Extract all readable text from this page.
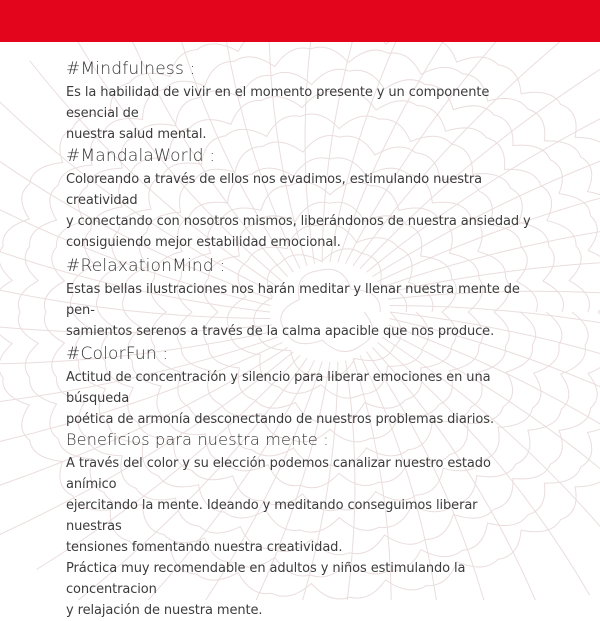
#Mindfulness :

Es la habilidad de vivir en el momento presente y un componente esencial de
nuestra salud mental.

#MandalaWorld :

Coloreando a través de ellos nos evadimos, estimulando nuestra creatividad
y conectando con nosotros mismos, liberándonos de nuestra ansiedad y
consiguiendo mejor estabilidad emocional.

#RelaxationMind :

Estas bellas ilustraciones nos harán meditar y llenar nuestra mente de pen-
samientos serenos a través de la calma apacible que nos produce.

#ColorFun :

Actitud de concentración y silencio para liberar emociones en una búsqueda
poética de armonía desconectando de nuestros problemas diarios.

Beneficios para nuestra mente :

A través del color y su elección podemos canalizar nuestro estado anímico
ejercitando la mente. Ideando y meditando conseguimos liberar nuestras
tensiones fomentando nuestra creatividad.
Práctica muy recomendable en adultos y niños estimulando la concentracion
y relajación de nuestra mente.
